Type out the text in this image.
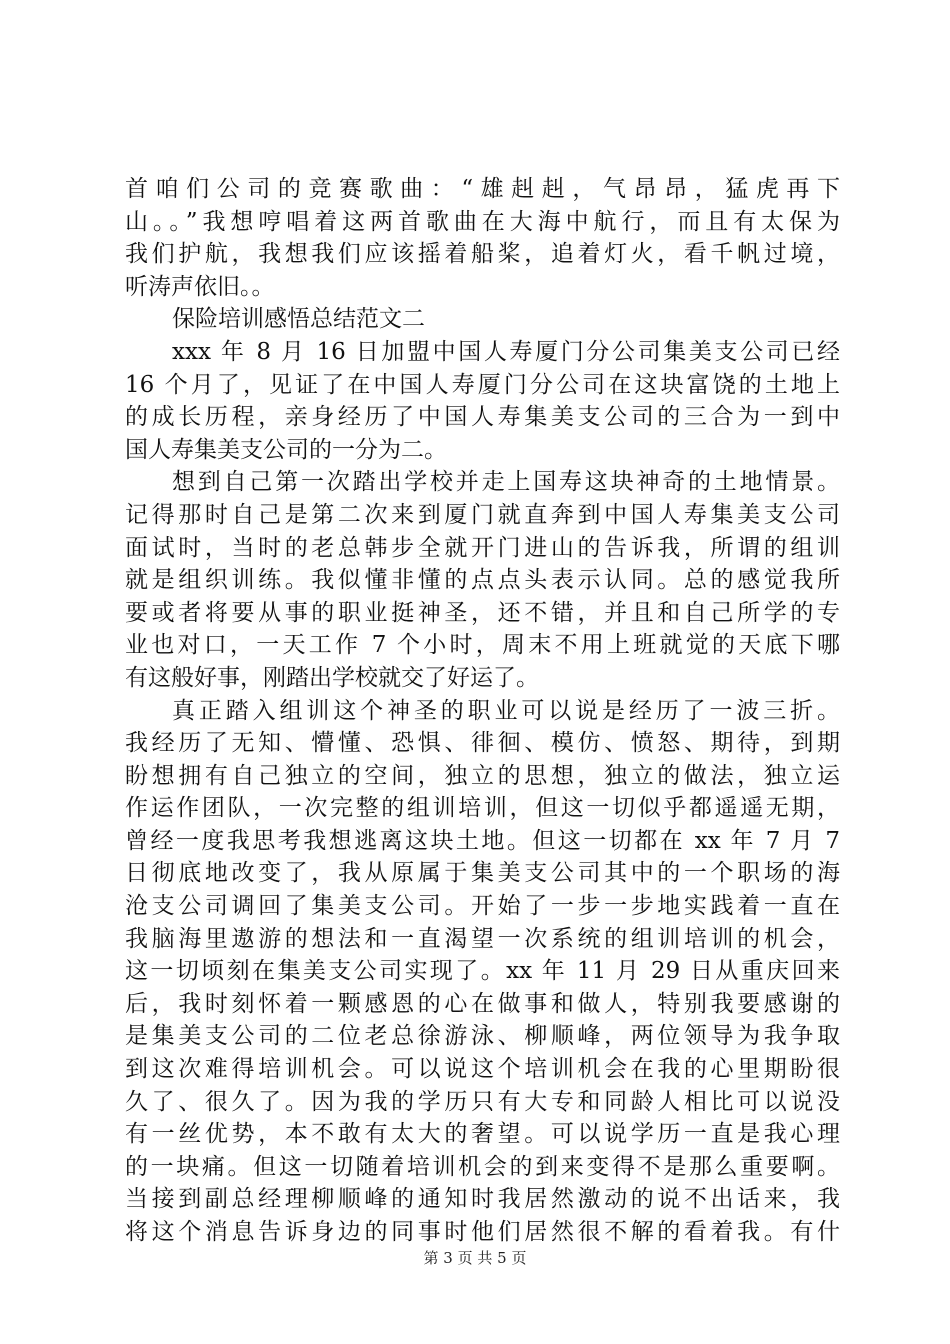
首咱们公司的竞赛歌曲：“雄赳赳，气昂昂，猛虎再下
山。。”我想哼唱着这两首歌曲在大海中航行，而且有太保为
我们护航，我想我们应该摇着船桨，追着灯火，看千帆过境，
听涛声依旧。。
保险培训感悟总结范文二
xxx 年 8 月 16 日加盟中国人寿厦门分公司集美支公司已经
16 个月了，见证了在中国人寿厦门分公司在这块富饶的土地上
的成长历程，亲身经历了中国人寿集美支公司的三合为一到中
国人寿集美支公司的一分为二。
想到自己第一次踏出学校并走上国寿这块神奇的土地情景。
记得那时自己是第二次来到厦门就直奔到中国人寿集美支公司
面试时，当时的老总韩步全就开门进山的告诉我，所谓的组训
就是组织训练。我似懂非懂的点点头表示认同。总的感觉我所
要或者将要从事的职业挺神圣，还不错，并且和自己所学的专
业也对口，一天工作 7 个小时，周末不用上班就觉的天底下哪
有这般好事，刚踏出学校就交了好运了。
真正踏入组训这个神圣的职业可以说是经历了一波三折。
我经历了无知、懵懂、恐惧、徘徊、模仿、愤怒、期待，到期
盼想拥有自己独立的空间，独立的思想，独立的做法，独立运
作运作团队，一次完整的组训培训，但这一切似乎都遥遥无期，
曾经一度我思考我想逃离这块土地。但这一切都在 xx 年 7 月 7
日彻底地改变了，我从原属于集美支公司其中的一个职场的海
沧支公司调回了集美支公司。开始了一步一步地实践着一直在
我脑海里遨游的想法和一直渴望一次系统的组训培训的机会，
这一切顷刻在集美支公司实现了。xx 年 11 月 29 日从重庆回来
后，我时刻怀着一颗感恩的心在做事和做人，特别我要感谢的
是集美支公司的二位老总徐游泳、柳顺峰，两位领导为我争取
到这次难得培训机会。可以说这个培训机会在我的心里期盼很
久了、很久了。因为我的学历只有大专和同龄人相比可以说没
有一丝优势，本不敢有太大的奢望。可以说学历一直是我心理
的一块痛。但这一切随着培训机会的到来变得不是那么重要啊。
当接到副总经理柳顺峰的通知时我居然激动的说不出话来，我
将这个消息告诉身边的同事时他们居然很不解的看着我。有什
第 3 页 共 5 页
